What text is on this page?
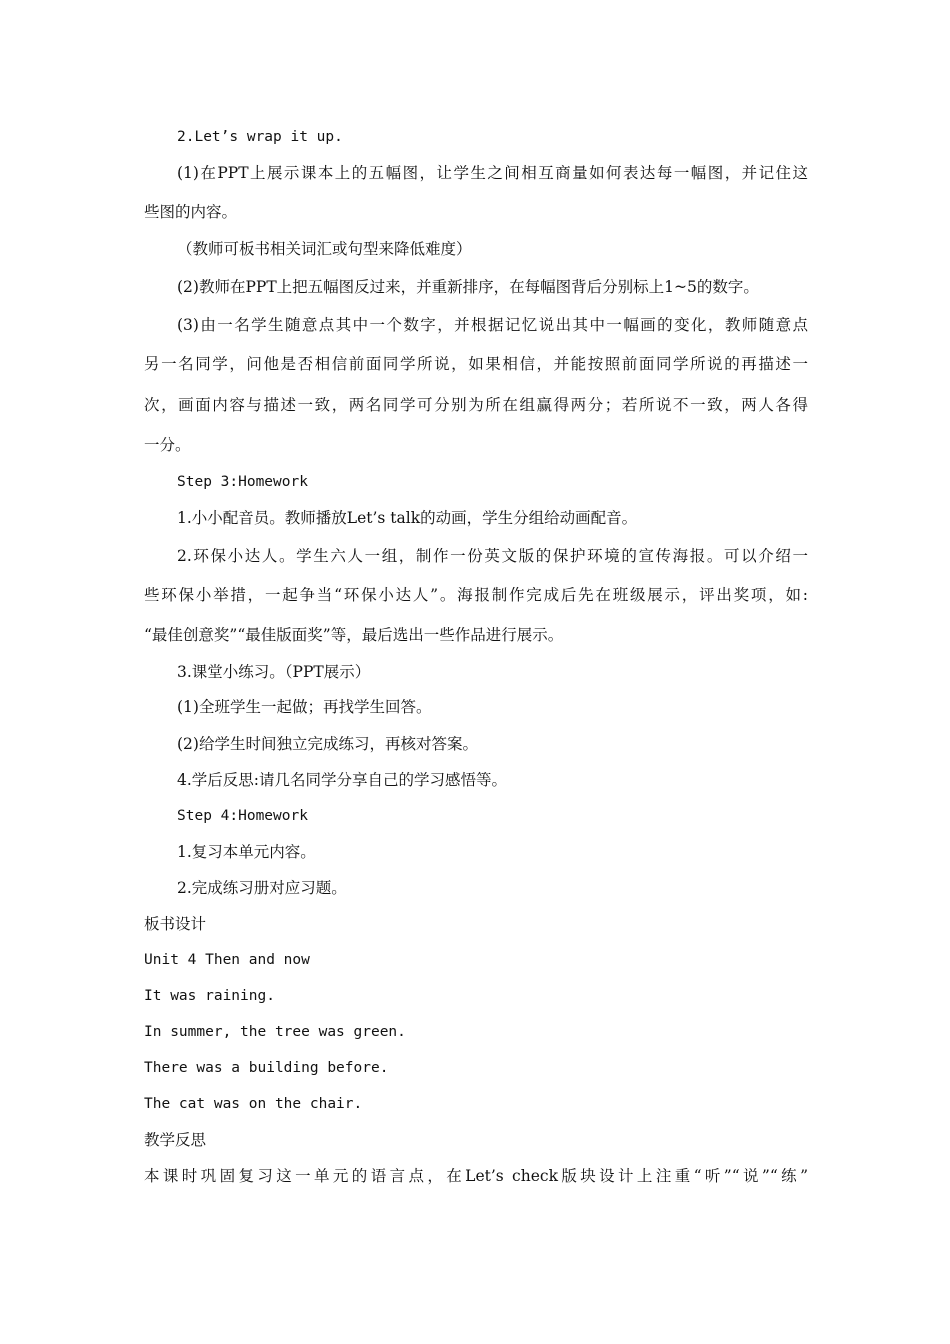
2.Let’s wrap it up.
(1)在PPT上展示课本上的五幅图，让学生之间相互商量如何表达每一幅图，并记住这
些图的内容。
（教师可板书相关词汇或句型来降低难度）
(2)教师在PPT上把五幅图反过来，并重新排序，在每幅图背后分别标上1~5的数字。
(3)由一名学生随意点其中一个数字，并根据记忆说出其中一幅画的变化，教师随意点
另一名同学，问他是否相信前面同学所说，如果相信，并能按照前面同学所说的再描述一
次，画面内容与描述一致，两名同学可分别为所在组赢得两分；若所说不一致，两人各得
一分。
Step 3:Homework
1.小小配音员。教师播放Let’s talk的动画，学生分组给动画配音。
2.环保小达人。学生六人一组，制作一份英文版的保护环境的宣传海报。可以介绍一
些环保小举措，一起争当“环保小达人”。海报制作完成后先在班级展示，评出奖项，如:
“最佳创意奖”“最佳版面奖”等，最后选出一些作品进行展示。
3.课堂小练习。（PPT展示）
(1)全班学生一起做；再找学生回答。
(2)给学生时间独立完成练习，再核对答案。
4.学后反思:请几名同学分享自己的学习感悟等。
Step 4:Homework
1.复习本单元内容。
2.完成练习册对应习题。
板书设计
Unit 4 Then and now
It was raining.
In summer, the tree was green.
There was a building before.
The cat was on the chair.
教学反思
本课时巩固复习这一单元的语言点，在Let’s check版块设计上注重“听”“说”“练”
